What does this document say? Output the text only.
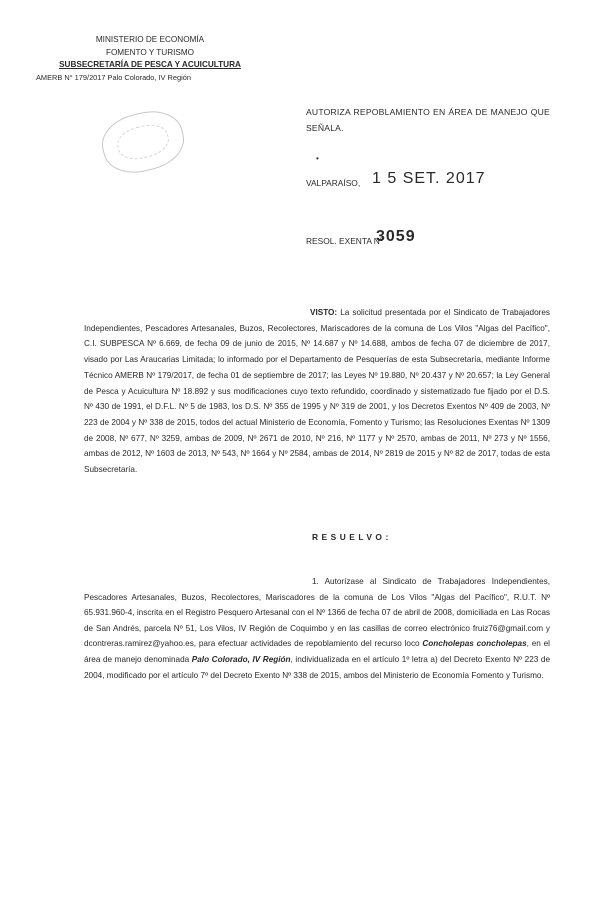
MINISTERIO DE ECONOMÍA
FOMENTO Y TURISMO
SUBSECRETARÍA DE PESCA Y ACUICULTURA
AMERB N° 179/2017 Palo Colorado, IV Región
AUTORIZA REPOBLAMIENTO EN ÁREA DE MANEJO QUE SEÑALA.
•
VALPARAÍSO, 1 5 SET. 2017
RESOL. EXENTA Nº
3059

VISTO: La solicitud presentada por el Sindicato de Trabajadores Independientes, Pescadores Artesanales, Buzos, Recolectores, Mariscadores de la comuna de Los Vilos "Algas del Pacífico", C.I. SUBPESCA Nº 6.669, de fecha 09 de junio de 2015, Nº 14.687 y Nº 14.688, ambos de fecha 07 de diciembre de 2017, visado por Las Araucarias Limitada; lo informado por el Departamento de Pesquerías de esta Subsecretaría, mediante Informe Técnico AMERB Nº 179/2017, de fecha 01 de septiembre de 2017; las Leyes Nº 19.880, Nº 20.437 y Nº 20.657; la Ley General de Pesca y Acuicultura Nº 18.892 y sus modificaciones cuyo texto refundido, coordinado y sistematizado fue fijado por el D.S. Nº 430 de 1991, el D.F.L. Nº 5 de 1983, los D.S. Nº 355 de 1995 y Nº 319 de 2001, y los Decretos Exentos Nº 409 de 2003, Nº 223 de 2004 y Nº 338 de 2015, todos del actual Ministerio de Economía, Fomento y Turismo; las Resoluciones Exentas Nº 1309 de 2008, Nº 677, Nº 3259, ambas de 2009, Nº 2671 de 2010, Nº 216, Nº 1177 y Nº 2570, ambas de 2011, Nº 273 y Nº 1556, ambas de 2012, Nº 1603 de 2013, Nº 543, Nº 1664 y Nº 2584, ambas de 2014, Nº 2819 de 2015 y Nº 82 de 2017, todas de esta Subsecretaría.

RESUELVO:

1. Autorízase al Sindicato de Trabajadores Independientes, Pescadores Artesanales, Buzos, Recolectores, Mariscadores de la comuna de Los Vilos "Algas del Pacífico", R.U.T. Nº 65.931.960-4, inscrita en el Registro Pesquero Artesanal con el Nº 1366 de fecha 07 de abril de 2008, domiciliada en Las Rocas de San Andrés, parcela Nº 51, Los Vilos, IV Región de Coquimbo y en las casillas de correo electrónico fruiz76@gmail.com y dcontreras.ramirez@yahoo.es, para efectuar actividades de repoblamiento del recurso loco Concholepas concholepas, en el área de manejo denominada Palo Colorado, IV Región, individualizada en el artículo 1º letra a) del Decreto Exento Nº 223 de 2004, modificado por el artículo 7º del Decreto Exento Nº 338 de 2015, ambos del Ministerio de Economía Fomento y Turismo.
